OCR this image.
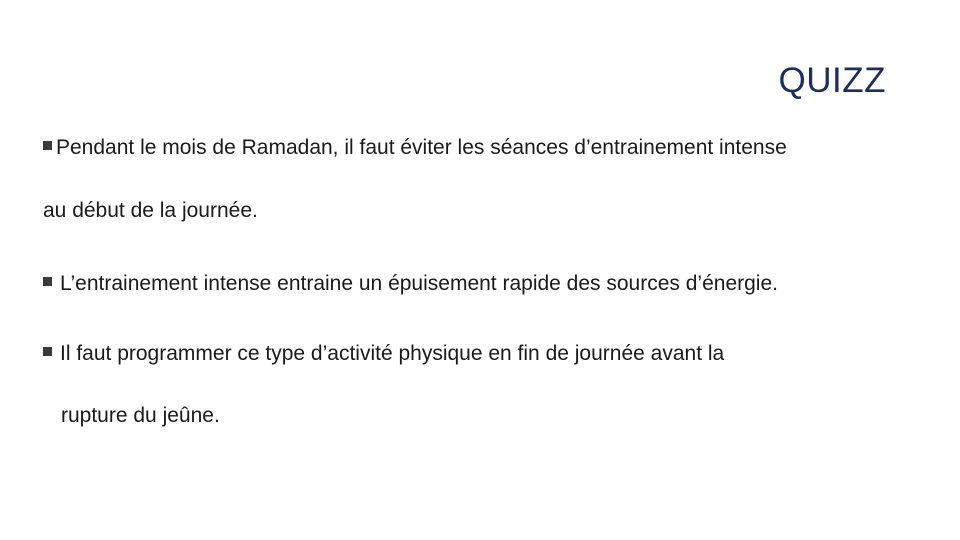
QUIZZ
Pendant le mois de Ramadan, il faut éviter les séances d’entrainement intense
au début de la journée.
L’entrainement intense entraine un épuisement rapide des sources d’énergie.
Il faut programmer ce type d’activité physique en fin de journée avant la
rupture du jeûne.
